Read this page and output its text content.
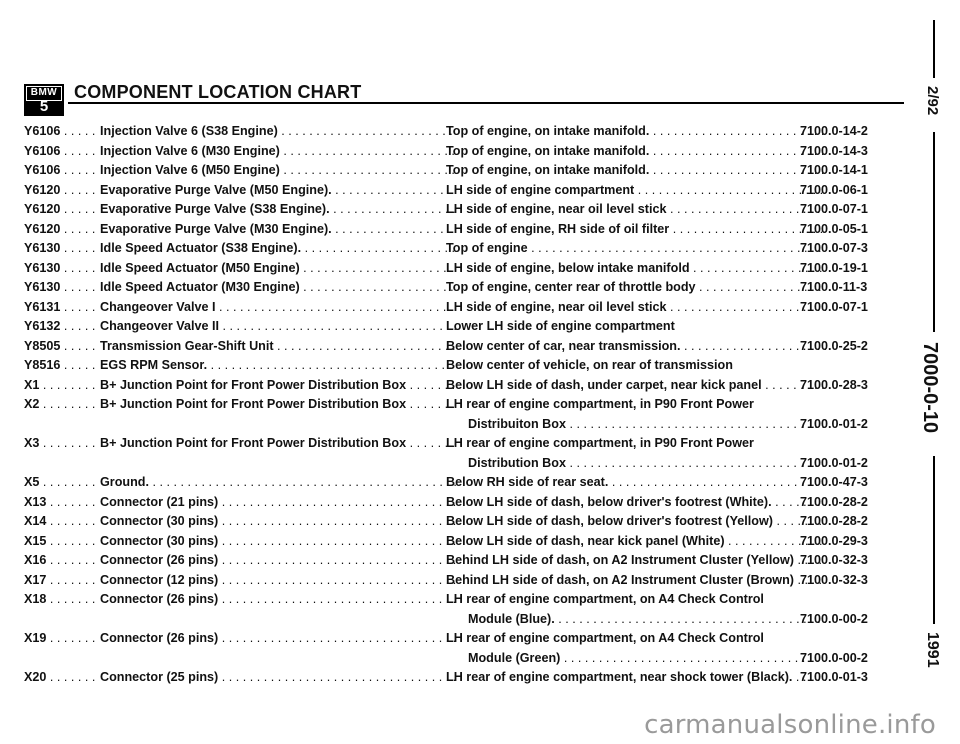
BMW
5
COMPONENT LOCATION CHART
Y6106 . . .	Injection Valve 6 (S38 Engine) . . .	Top of engine, on intake manifold. . . .	7100.0-14-2
Y6106 . . .	Injection Valve 6 (M30 Engine) . . .	Top of engine, on intake manifold. . . .	7100.0-14-3
Y6106 . . .	Injection Valve 6 (M50 Engine) . . .	Top of engine, on intake manifold. . . .	7100.0-14-1
Y6120 . . .	Evaporative Purge Valve (M50 Engine). . . .	LH side of engine compartment . . .	7100.0-06-1
Y6120 . . .	Evaporative Purge Valve (S38 Engine). . . .	LH side of engine, near oil level stick . . .	7100.0-07-1
Y6120 . . .	Evaporative Purge Valve (M30 Engine). . . .	LH side of engine, RH side of oil filter . . .	7100.0-05-1
Y6130 . . .	Idle Speed Actuator (S38 Engine). . . .	Top of engine . . .	7100.0-07-3
Y6130 . . .	Idle Speed Actuator (M50 Engine) . . .	LH side of engine, below intake manifold . . .	7100.0-19-1
Y6130 . . .	Idle Speed Actuator (M30 Engine) . . .	Top of engine, center rear of throttle body . . .	7100.0-11-3
Y6131 . . .	Changeover Valve I . . .	LH side of engine, near oil level stick . . .	7100.0-07-1
Y6132 . . .	Changeover Valve II . . .	Lower LH side of engine compartment
Y8505 . . .	Transmission Gear-Shift Unit . . .	Below center of car, near transmission. . . .	7100.0-25-2
Y8516 . . .	EGS RPM Sensor. . . .	Below center of vehicle, on rear of transmission
X1 . . .	B+ Junction Point for Front Power Distribution Box . . .	Below LH side of dash, under carpet, near kick panel . . .	7100.0-28-3
X2 . . .	B+ Junction Point for Front Power Distribution Box . . .	LH rear of engine compartment, in P90 Front Power
Distribuiton Box . . .	7100.0-01-2
X3 . . .	B+ Junction Point for Front Power Distribution Box . . .	LH rear of engine compartment, in P90 Front Power
Distribution Box . . .	7100.0-01-2
X5 . . .	Ground. . . .	Below RH side of rear seat. . . .	7100.0-47-3
X13 . . .	Connector (21 pins) . . .	Below LH side of dash, below driver's footrest (White). . . .	7100.0-28-2
X14 . . .	Connector (30 pins) . . .	Below LH side of dash, below driver's footrest (Yellow) . . .	7100.0-28-2
X15 . . .	Connector (30 pins) . . .	Below LH side of dash, near kick panel (White) . . .	7100.0-29-3
X16 . . .	Connector (26 pins) . . .	Behind LH side of dash, on A2 Instrument Cluster (Yellow) . . . 7100.0-32-3
X17 . . .	Connector (12 pins) . . .	Behind LH side of dash, on A2 Instrument Cluster (Brown) . . . 7100.0-32-3
X18 . . .	Connector (26 pins) . . .	LH rear of engine compartment, on A4 Check Control
Module (Blue). . . .	7100.0-00-2
X19 . . .	Connector (26 pins) . . .	LH rear of engine compartment, on A4 Check Control
Module (Green) . . .	7100.0-00-2
X20 . . .	Connector (25 pins) . . .	LH rear of engine compartment, near shock tower (Black). . . . 7100.0-01-3
2/92
7000-0-10
1991
carmanualsonline.info
